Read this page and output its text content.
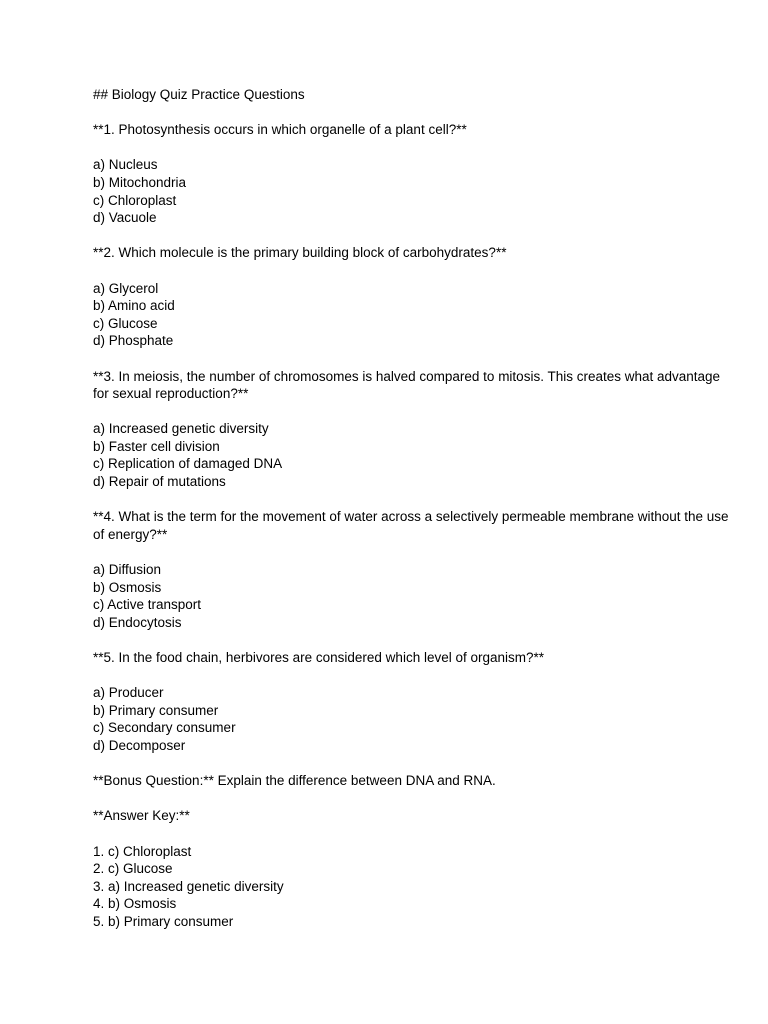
## Biology Quiz Practice Questions

**1. Photosynthesis occurs in which organelle of a plant cell?**

a) Nucleus
b) Mitochondria
c) Chloroplast
d) Vacuole

**2. Which molecule is the primary building block of carbohydrates?**

a) Glycerol
b) Amino acid
c) Glucose
d) Phosphate

**3. In meiosis, the number of chromosomes is halved compared to mitosis. This creates what advantage for sexual reproduction?**

a) Increased genetic diversity
b) Faster cell division
c) Replication of damaged DNA
d) Repair of mutations

**4. What is the term for the movement of water across a selectively permeable membrane without the use of energy?**

a) Diffusion
b) Osmosis
c) Active transport
d) Endocytosis

**5. In the food chain, herbivores are considered which level of organism?**

a) Producer
b) Primary consumer
c) Secondary consumer
d) Decomposer

**Bonus Question:** Explain the difference between DNA and RNA.

**Answer Key:**

1. c) Chloroplast
2. c) Glucose
3. a) Increased genetic diversity
4. b) Osmosis
5. b) Primary consumer
